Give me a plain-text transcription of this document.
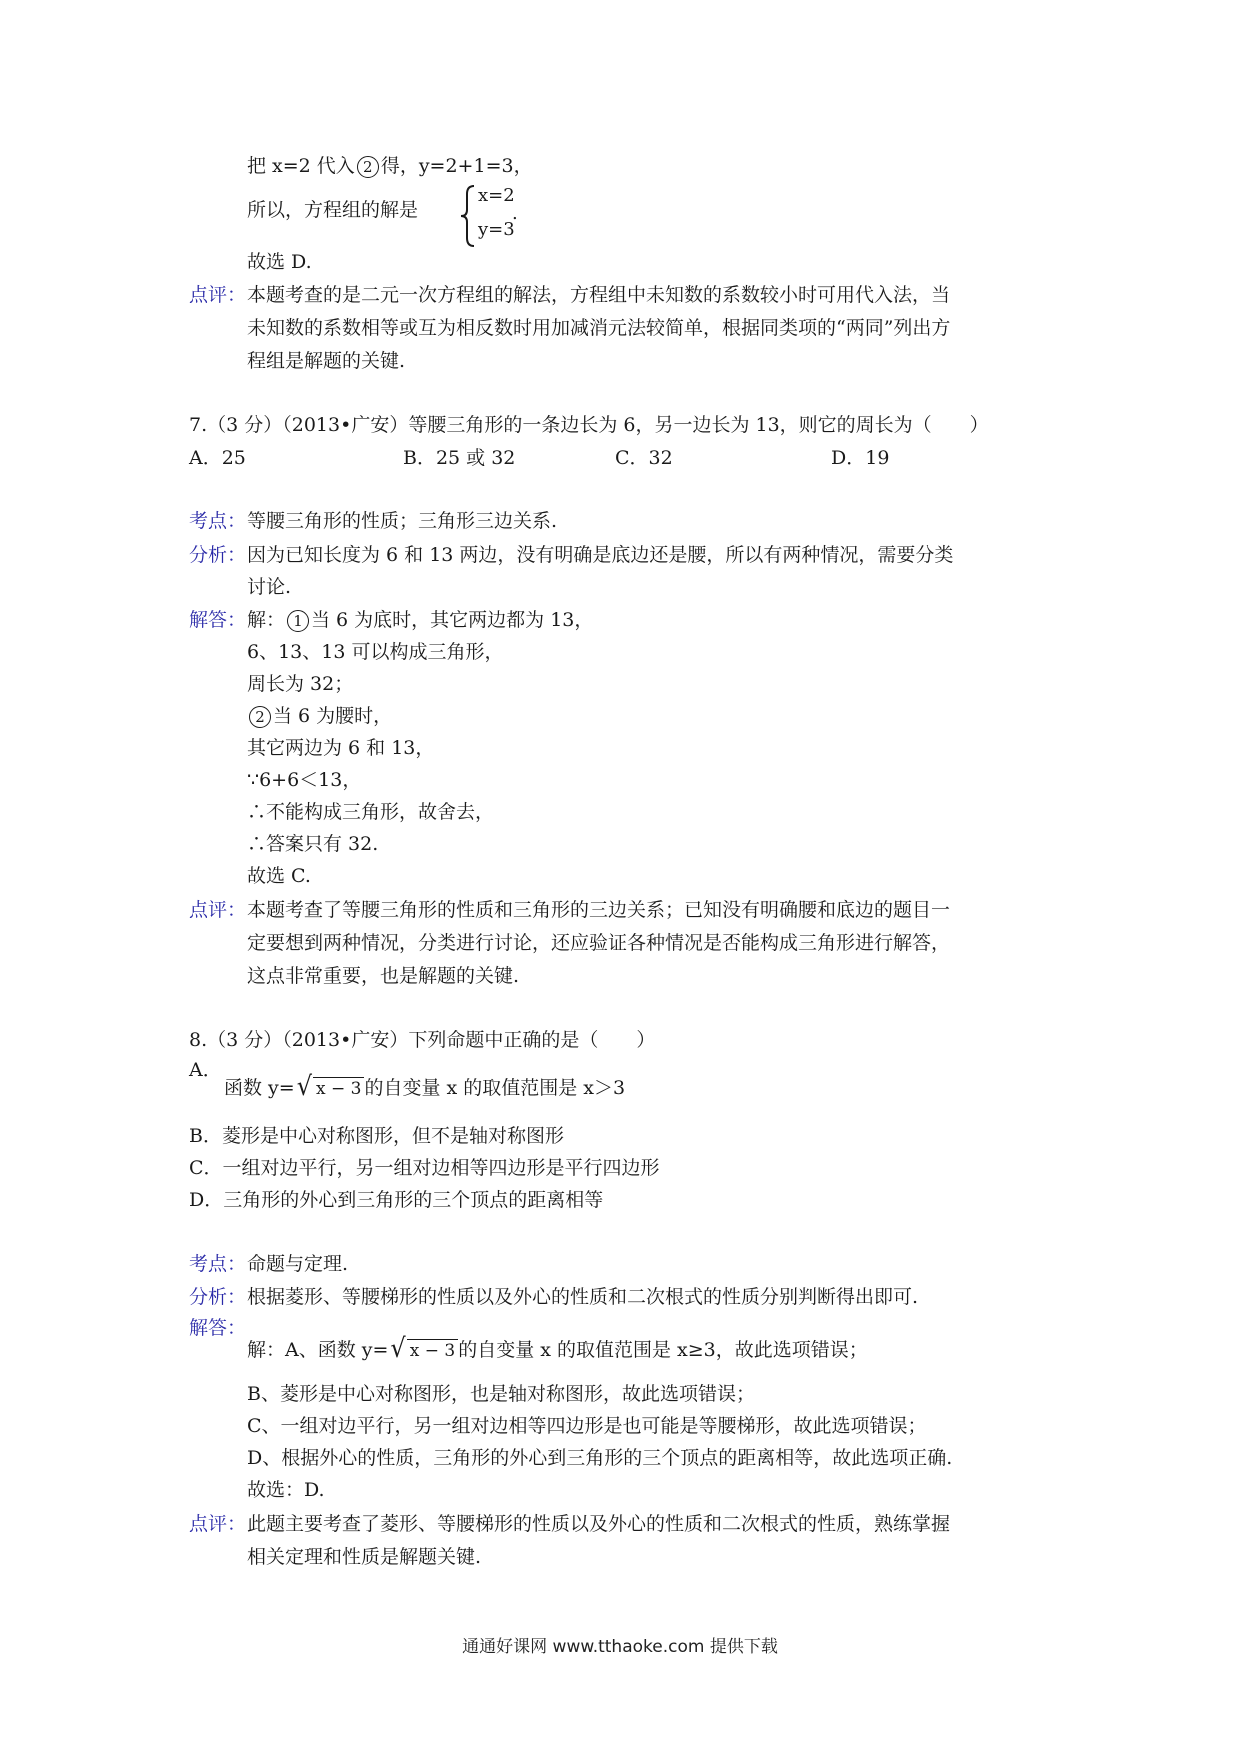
把 x=2 代入 2 得，y=2+1=3，
所以，方程组的解是
x=2
y=3
.
故选 D.
点评： 本题考查的是二元一次方程组的解法，方程组中未知数的系数较小时可用代入法，当
未知数的系数相等或互为相反数时用加减消元法较简单，根据同类项的“两同”列出方
程组是解题的关键.
7.（3 分）（2013•广安）等腰三角形的一条边长为 6，另一边长为 13，则它的周长为（　　）
A．25	B．25 或 32	C．32	D．19
考点： 等腰三角形的性质；三角形三边关系.
分析： 因为已知长度为 6 和 13 两边，没有明确是底边还是腰，所以有两种情况，需要分类
讨论.
解答： 解： 1 当 6 为底时，其它两边都为 13，
6、13、13 可以构成三角形，
周长为 32；
2 当 6 为腰时，
其它两边为 6 和 13，
∵6+6＜13，
∴不能构成三角形，故舍去，
∴答案只有 32.
故选 C.
点评： 本题考查了等腰三角形的性质和三角形的三边关系；已知没有明确腰和底边的题目一
定要想到两种情况，分类进行讨论，还应验证各种情况是否能构成三角形进行解答，
这点非常重要，也是解题的关键.
8.（3 分）（2013•广安）下列命题中正确的是（　　）
A．
函数 y=√ x − 3 的自变量 x 的取值范围是 x＞3
B．菱形是中心对称图形，但不是轴对称图形
C．一组对边平行，另一组对边相等四边形是平行四边形
D．三角形的外心到三角形的三个顶点的距离相等
考点： 命题与定理.
分析： 根据菱形、等腰梯形的性质以及外心的性质和二次根式的性质分别判断得出即可.
解答：
解：A、函数 y=√ x − 3 的自变量 x 的取值范围是 x≥3，故此选项错误；
B、菱形是中心对称图形，也是轴对称图形，故此选项错误；
C、一组对边平行，另一组对边相等四边形是也可能是等腰梯形，故此选项错误；
D、根据外心的性质，三角形的外心到三角形的三个顶点的距离相等，故此选项正确.
故选：D.
点评： 此题主要考查了菱形、等腰梯形的性质以及外心的性质和二次根式的性质，熟练掌握
相关定理和性质是解题关键.
通通好课网 www.tthaoke.com 提供下载
